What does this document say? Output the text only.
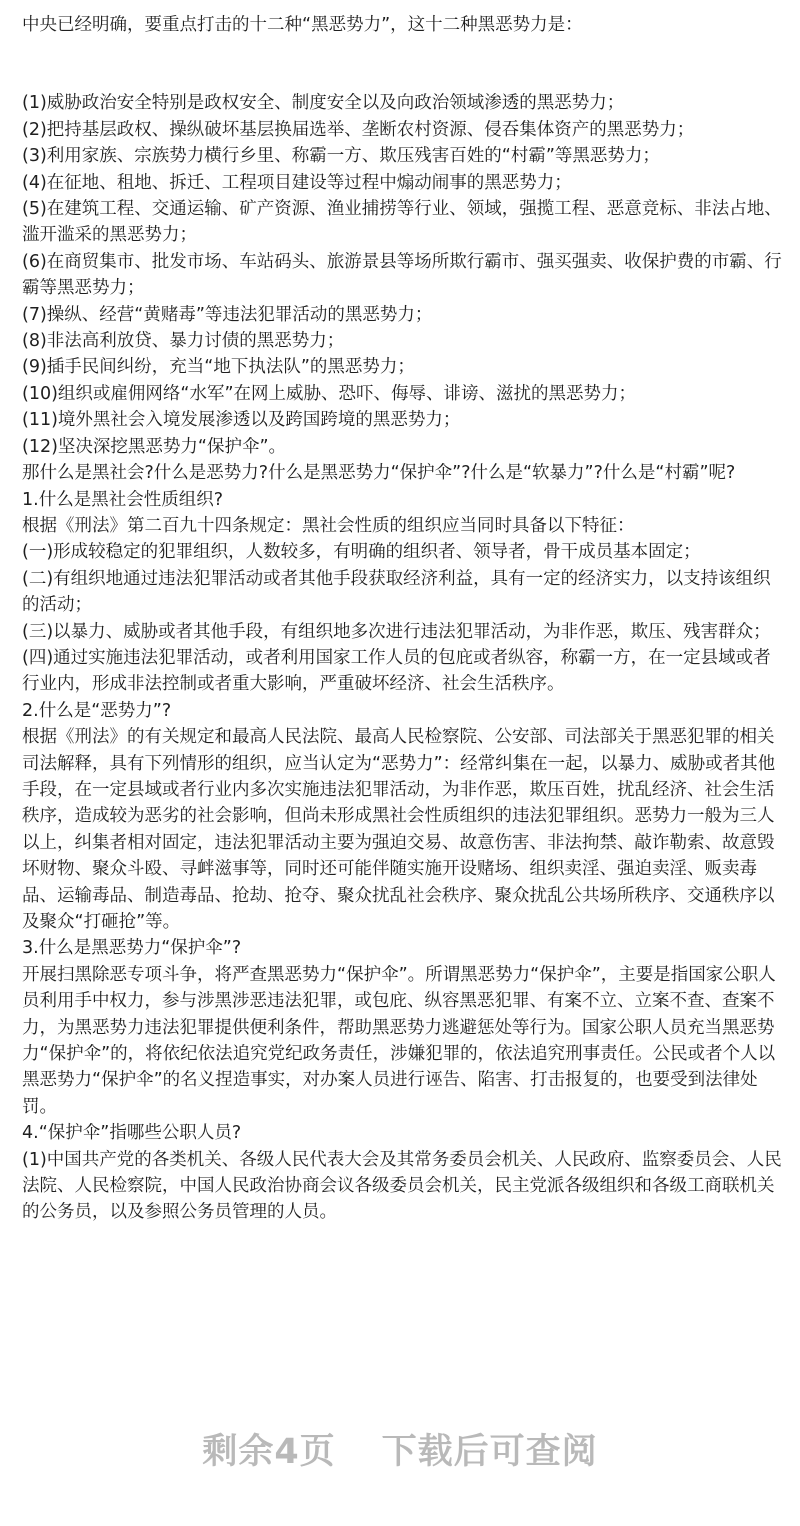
中央已经明确，要重点打击的十二种“黑恶势力”，这十二种黑恶势力是：

(1)威胁政治安全特别是政权安全、制度安全以及向政治领域渗透的黑恶势力；

(2)把持基层政权、操纵破坏基层换届选举、垄断农村资源、侵吞集体资产的黑恶势力；

(3)利用家族、宗族势力横行乡里、称霸一方、欺压残害百姓的“村霸”等黑恶势力；

(4)在征地、租地、拆迁、工程项目建设等过程中煽动闹事的黑恶势力；

(5)在建筑工程、交通运输、矿产资源、渔业捕捞等行业、领域，强揽工程、恶意竞标、非法占地、滥开滥采的黑恶势力；

(6)在商贸集市、批发市场、车站码头、旅游景县等场所欺行霸市、强买强卖、收保护费的市霸、行霸等黑恶势力；

(7)操纵、经营“黄赌毒”等违法犯罪活动的黑恶势力；

(8)非法高利放贷、暴力讨债的黑恶势力；

(9)插手民间纠纷，充当“地下执法队”的黑恶势力；

(10)组织或雇佣网络“水军”在网上威胁、恐吓、侮辱、诽谤、滋扰的黑恶势力；

(11)境外黑社会入境发展渗透以及跨国跨境的黑恶势力；

(12)坚决深挖黑恶势力“保护伞”。

那什么是黑社会?什么是恶势力?什么是黑恶势力“保护伞”?什么是“软暴力”?什么是“村霸”呢?

1.什么是黑社会性质组织?

根据《刑法》第二百九十四条规定：黑社会性质的组织应当同时具备以下特征：

(一)形成较稳定的犯罪组织，人数较多，有明确的组织者、领导者，骨干成员基本固定；

(二)有组织地通过违法犯罪活动或者其他手段获取经济利益，具有一定的经济实力，以支持该组织的活动；

(三)以暴力、威胁或者其他手段，有组织地多次进行违法犯罪活动，为非作恶，欺压、残害群众；

(四)通过实施违法犯罪活动，或者利用国家工作人员的包庇或者纵容，称霸一方，在一定县域或者行业内，形成非法控制或者重大影响，严重破坏经济、社会生活秩序。

2.什么是“恶势力”?

根据《刑法》的有关规定和最高人民法院、最高人民检察院、公安部、司法部关于黑恶犯罪的相关司法解释，具有下列情形的组织，应当认定为“恶势力”：经常纠集在一起，以暴力、威胁或者其他手段，在一定县域或者行业内多次实施违法犯罪活动，为非作恶，欺压百姓，扰乱经济、社会生活秩序，造成较为恶劣的社会影响，但尚未形成黑社会性质组织的违法犯罪组织。恶势力一般为三人以上，纠集者相对固定，违法犯罪活动主要为强迫交易、故意伤害、非法拘禁、敲诈勒索、故意毁坏财物、聚众斗殴、寻衅滋事等，同时还可能伴随实施开设赌场、组织卖淫、强迫卖淫、贩卖毒品、运输毒品、制造毒品、抢劫、抢夺、聚众扰乱社会秩序、聚众扰乱公共场所秩序、交通秩序以及聚众“打砸抢”等。

3.什么是黑恶势力“保护伞”?

开展扫黑除恶专项斗争，将严查黑恶势力“保护伞”。所谓黑恶势力“保护伞”，主要是指国家公职人员利用手中权力，参与涉黑涉恶违法犯罪，或包庇、纵容黑恶犯罪、有案不立、立案不查、查案不力，为黑恶势力违法犯罪提供便利条件，帮助黑恶势力逃避惩处等行为。国家公职人员充当黑恶势力“保护伞”的，将依纪依法追究党纪政务责任，涉嫌犯罪的，依法追究刑事责任。公民或者个人以黑恶势力“保护伞”的名义捏造事实，对办案人员进行诬告、陷害、打击报复的，也要受到法律处罚。

4.“保护伞”指哪些公职人员?

(1)中国共产党的各类机关、各级人民代表大会及其常务委员会机关、人民政府、监察委员会、人民法院、人民检察院，中国人民政治协商会议各级委员会机关，民主党派各级组织和各级工商联机关的公务员，以及参照公务员管理的人员。

剩余4页 下载后可查阅
